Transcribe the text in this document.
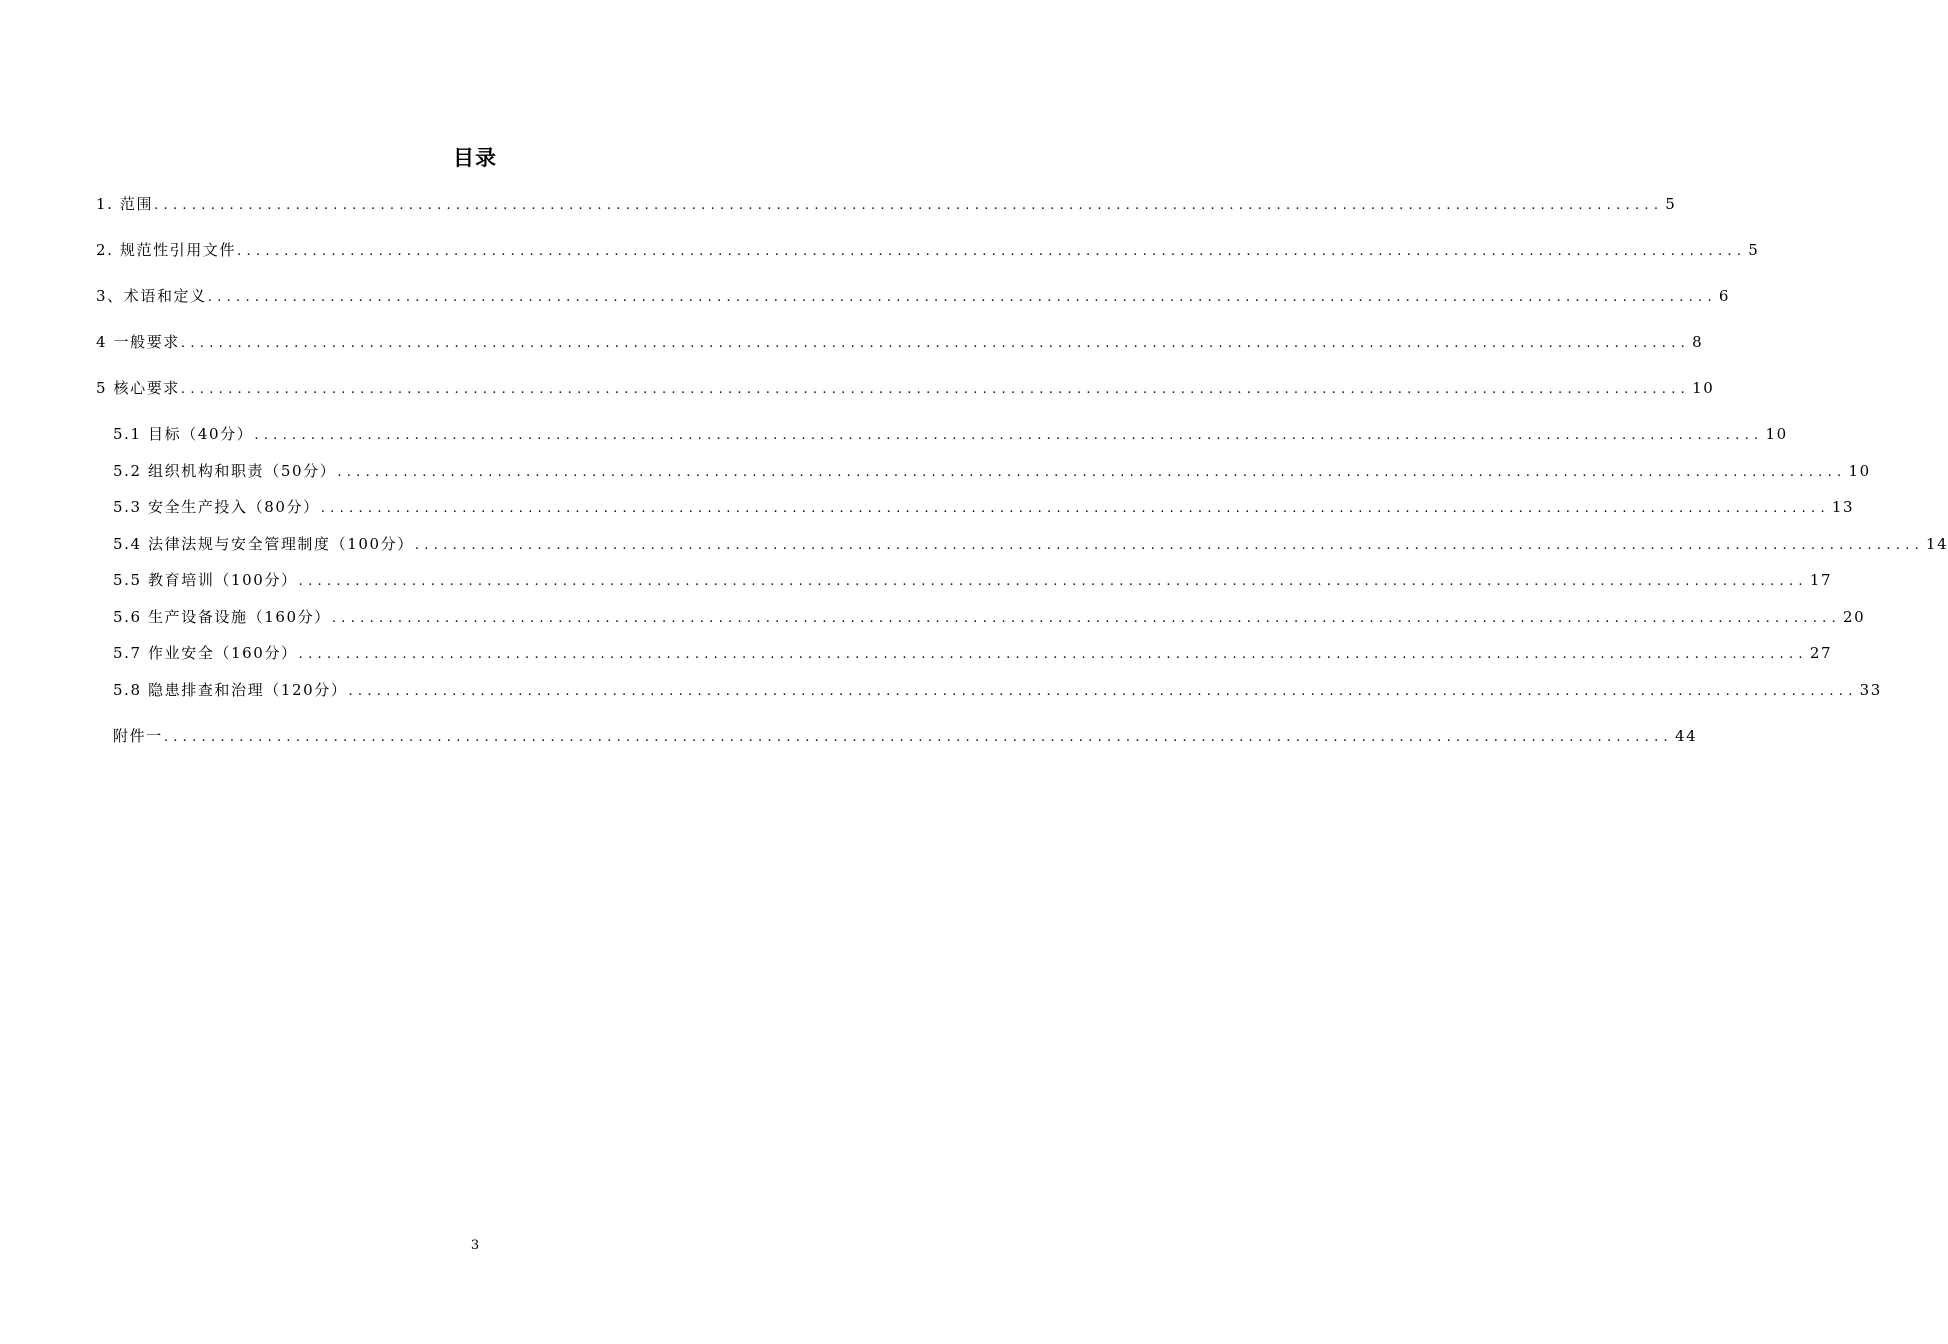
目录
1. 范围 ................................................................................................................................................................ 5
2. 规范性引用文件 ................................................................................................................................................................ 5
3、术语和定义 ................................................................................................................................................................ 6
4 一般要求 ................................................................................................................................................................ 8
5 核心要求 ................................................................................................................................................................ 10
5.1 目标（40分） ................................................................................................................................................................ 10
5.2 组织机构和职责（50分） ................................................................................................................................................................ 10
5.3 安全生产投入（80分） ................................................................................................................................................................ 13
5.4 法律法规与安全管理制度（100分） ................................................................................................................................................................ 14
5.5 教育培训（100分） ................................................................................................................................................................ 17
5.6 生产设备设施（160分） ................................................................................................................................................................ 20
5.7 作业安全（160分） ................................................................................................................................................................ 27
5.8 隐患排查和治理（120分） ................................................................................................................................................................ 33
附件一 ................................................................................................................................................................ 44
3
